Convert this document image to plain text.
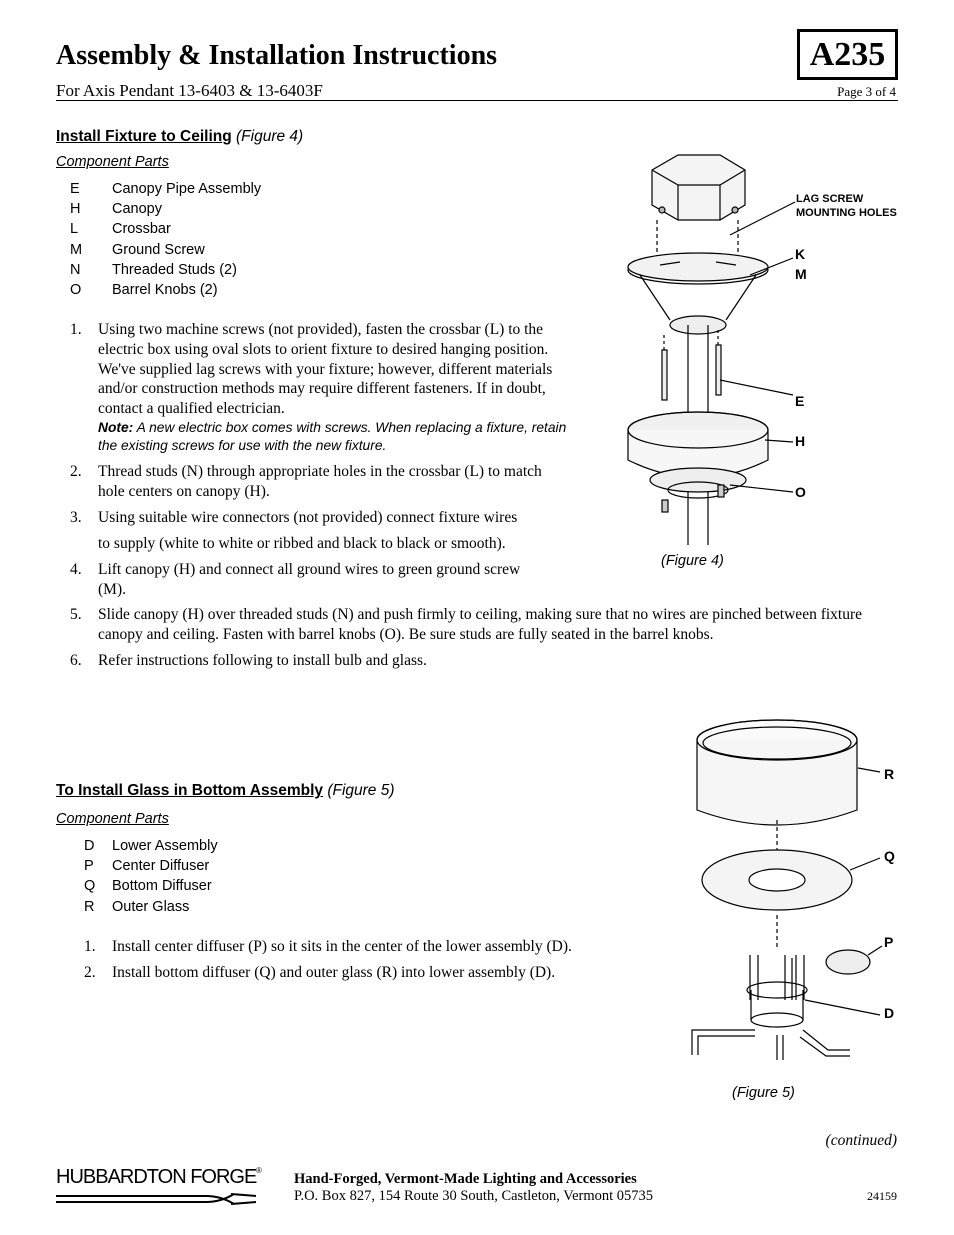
Assembly & Installation Instructions
For Axis Pendant 13-6403 & 13-6403F	Page 3 of 4
A235
Install Fixture to Ceiling (Figure 4)
Component Parts
E	Canopy Pipe Assembly
H	Canopy
L	Crossbar
M	Ground Screw
N	Threaded Studs (2)
O	Barrel Knobs (2)
1.	Using two machine screws (not provided), fasten the crossbar (L) to the electric box using oval slots to orient fixture to desired hanging position. We've supplied lag screws with your fixture; however, different materials and/or construction methods may require different fasteners. If in doubt, contact a qualified electrician.
Note: A new electric box comes with screws. When replacing a fixture, retain the existing screws for use with the new fixture.
2.	Thread studs (N) through appropriate holes in the crossbar (L) to match hole centers on canopy (H).
3.	Using suitable wire connectors (not provided) connect fixture wires
to supply (white to white or ribbed and black to black or smooth).
4.	Lift canopy (H) and connect all ground wires to green ground screw (M).
5.	Slide canopy (H) over threaded studs (N) and push firmly to ceiling, making sure that no wires are pinched between fixture canopy and ceiling. Fasten with barrel knobs (O). Be sure studs are fully seated in the barrel knobs.
6.	Refer instructions following to install bulb and glass.
LAG SCREW
MOUNTING HOLES
K
M
E
H
O
(Figure 4)
To Install Glass in Bottom Assembly (Figure 5)
Component Parts
D	Lower Assembly
P	Center Diffuser
Q	Bottom Diffuser
R	Outer Glass
1.	Install center diffuser (P) so it sits in the center of the lower assembly (D).
2.	Install bottom diffuser (Q) and outer glass (R) into lower assembly (D).
R
Q
P
D
(Figure 5)
(continued)
HUBBARDTON FORGE ®
Hand-Forged, Vermont-Made Lighting and Accessories
P.O. Box 827, 154 Route 30 South, Castleton, Vermont 05735	24159
